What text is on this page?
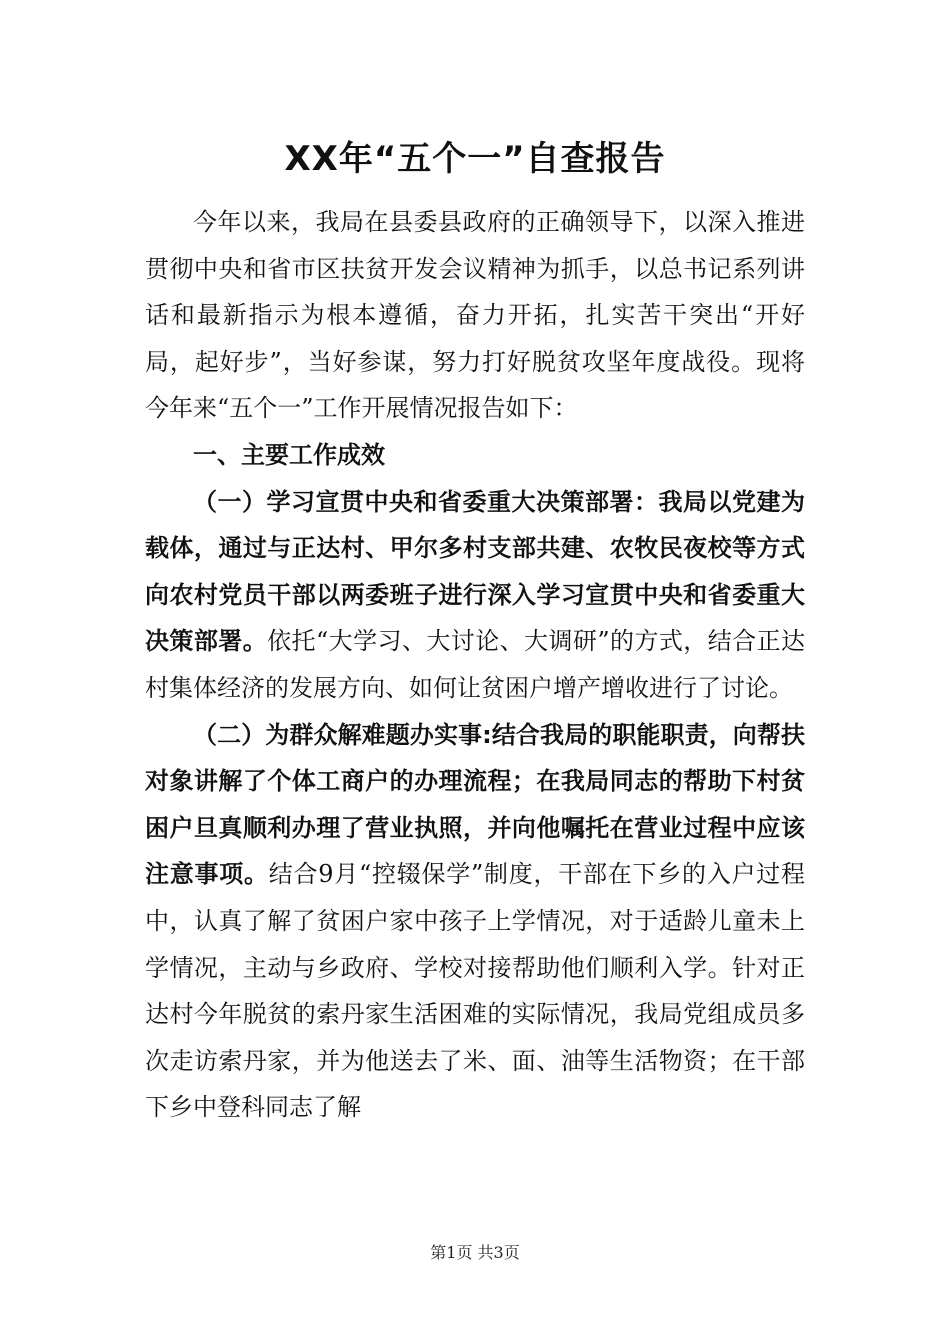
XX年“五个一”自查报告

今年以来，我局在县委县政府的正确领导下，以深入推进贯彻中央和省市区扶贫开发会议精神为抓手，以总书记系列讲话和最新指示为根本遵循，奋力开拓，扎实苦干突出“开好局，起好步”，当好参谋，努力打好脱贫攻坚年度战役。现将今年来“五个一”工作开展情况报告如下：

一、主要工作成效

（一）学习宣贯中央和省委重大决策部署：我局以党建为载体，通过与正达村、甲尔多村支部共建、农牧民夜校等方式向农村党员干部以两委班子进行深入学习宣贯中央和省委重大决策部署。依托“大学习、大讨论、大调研”的方式，结合正达村集体经济的发展方向、如何让贫困户增产增收进行了讨论。

（二）为群众解难题办实事:结合我局的职能职责，向帮扶对象讲解了个体工商户的办理流程；在我局同志的帮助下村贫困户旦真顺利办理了营业执照，并向他嘱托在营业过程中应该注意事项。结合9月“控辍保学”制度，干部在下乡的入户过程中，认真了解了贫困户家中孩子上学情况，对于适龄儿童未上学情况，主动与乡政府、学校对接帮助他们顺利入学。针对正达村今年脱贫的索丹家生活困难的实际情况，我局党组成员多次走访索丹家，并为他送去了米、面、油等生活物资；在干部下乡中登科同志了解

第1页 共3页
